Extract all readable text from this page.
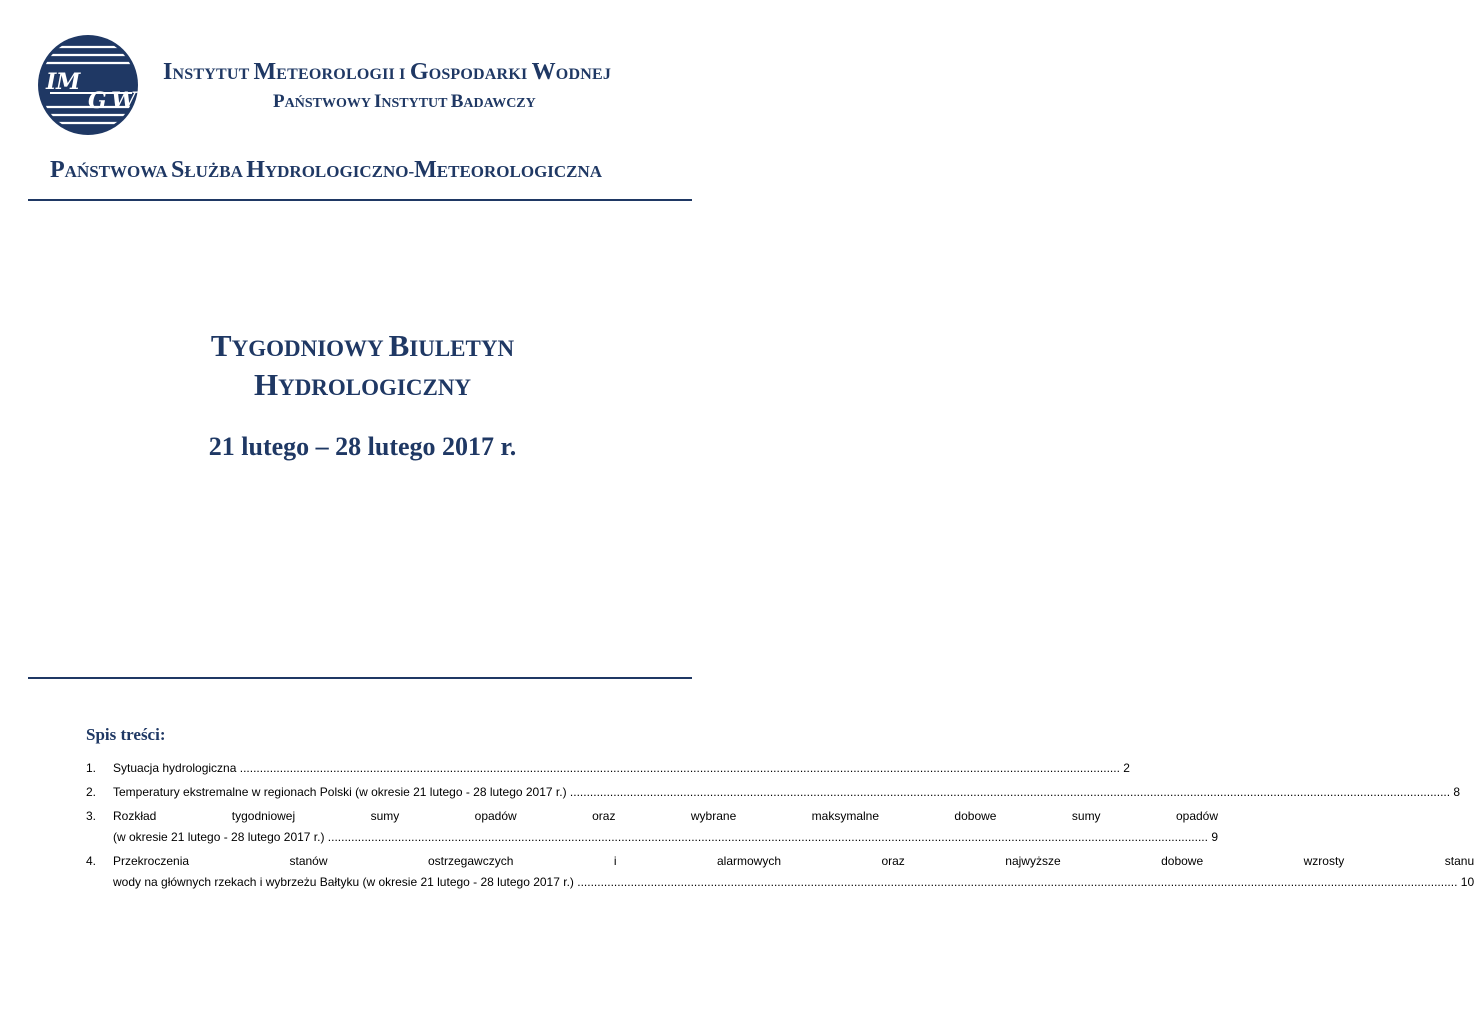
I M
G W
INSTYTUT METEOROLOGII I GOSPODARKI WODNEJ
PAŃSTWOWY INSTYTUT BADAWCZY
PAŃSTWOWA SŁUŻBA HYDROLOGICZNO-METEOROLOGICZNA
TYGODNIOWY BIULETYN
HYDROLOGICZNY
21 lutego – 28 lutego 2017 r.
Spis treści:
1.	Sytuacja hydrologiczna .....	2
2.	Temperatury ekstremalne w regionach Polski (w okresie 21 lutego - 28 lutego 2017 r.) .....	8
3.	Rozkład tygodniowej sumy opadów oraz wybrane maksymalne dobowe sumy opadów
(w okresie 21 lutego - 28 lutego 2017 r.) .....	9
4.	Przekroczenia stanów ostrzegawczych i alarmowych oraz najwyższe dobowe wzrosty stanu
wody na głównych rzekach i wybrzeżu Bałtyku (w okresie 21 lutego - 28 lutego 2017 r.) .....	10
